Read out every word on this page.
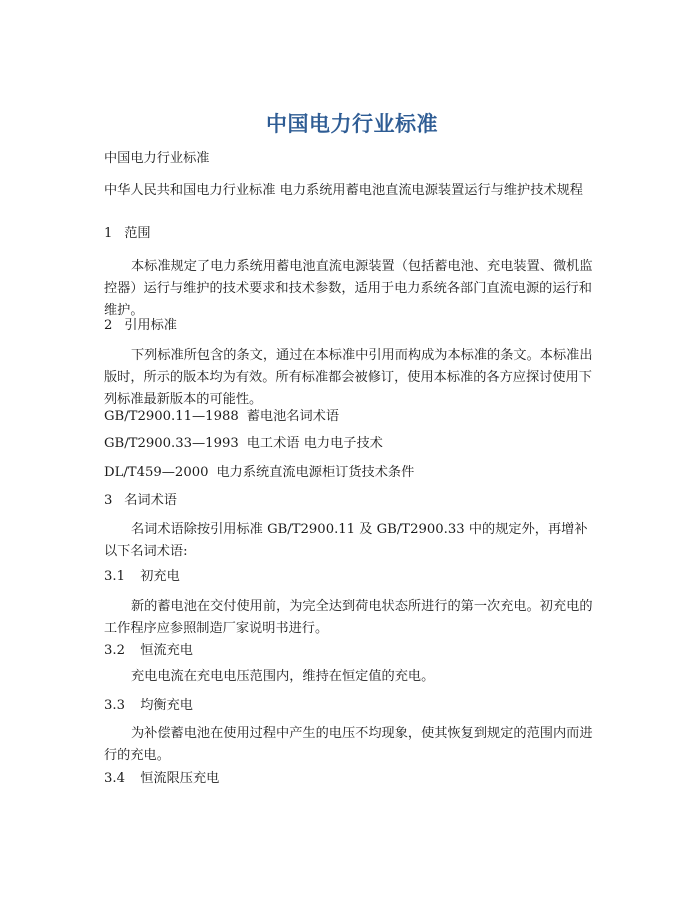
中国电力行业标准

中国电力行业标准

中华人民共和国电力行业标准 电力系统用蓄电池直流电源装置运行与维护技术规程

1 范围

本标准规定了电力系统用蓄电池直流电源装置（包括蓄电池、充电装置、微机监控器）运行与维护的技术要求和技术参数，适用于电力系统各部门直流电源的运行和维护。

2 引用标准

下列标准所包含的条文，通过在本标准中引用而构成为本标准的条文。本标准出版时，所示的版本均为有效。所有标准都会被修订，使用本标准的各方应探讨使用下列标准最新版本的可能性。

GB/T2900.11—1988 蓄电池名词术语

GB/T2900.33—1993 电工术语 电力电子技术

DL/T459—2000 电力系统直流电源柜订货技术条件

3 名词术语

名词术语除按引用标准 GB/T2900.11 及 GB/T2900.33 中的规定外，再增补以下名词术语:

3.1 初充电

新的蓄电池在交付使用前，为完全达到荷电状态所进行的第一次充电。初充电的工作程序应参照制造厂家说明书进行。

3.2 恒流充电

充电电流在充电电压范围内，维持在恒定值的充电。

3.3 均衡充电

为补偿蓄电池在使用过程中产生的电压不均现象，使其恢复到规定的范围内而进行的充电。

3.4 恒流限压充电
